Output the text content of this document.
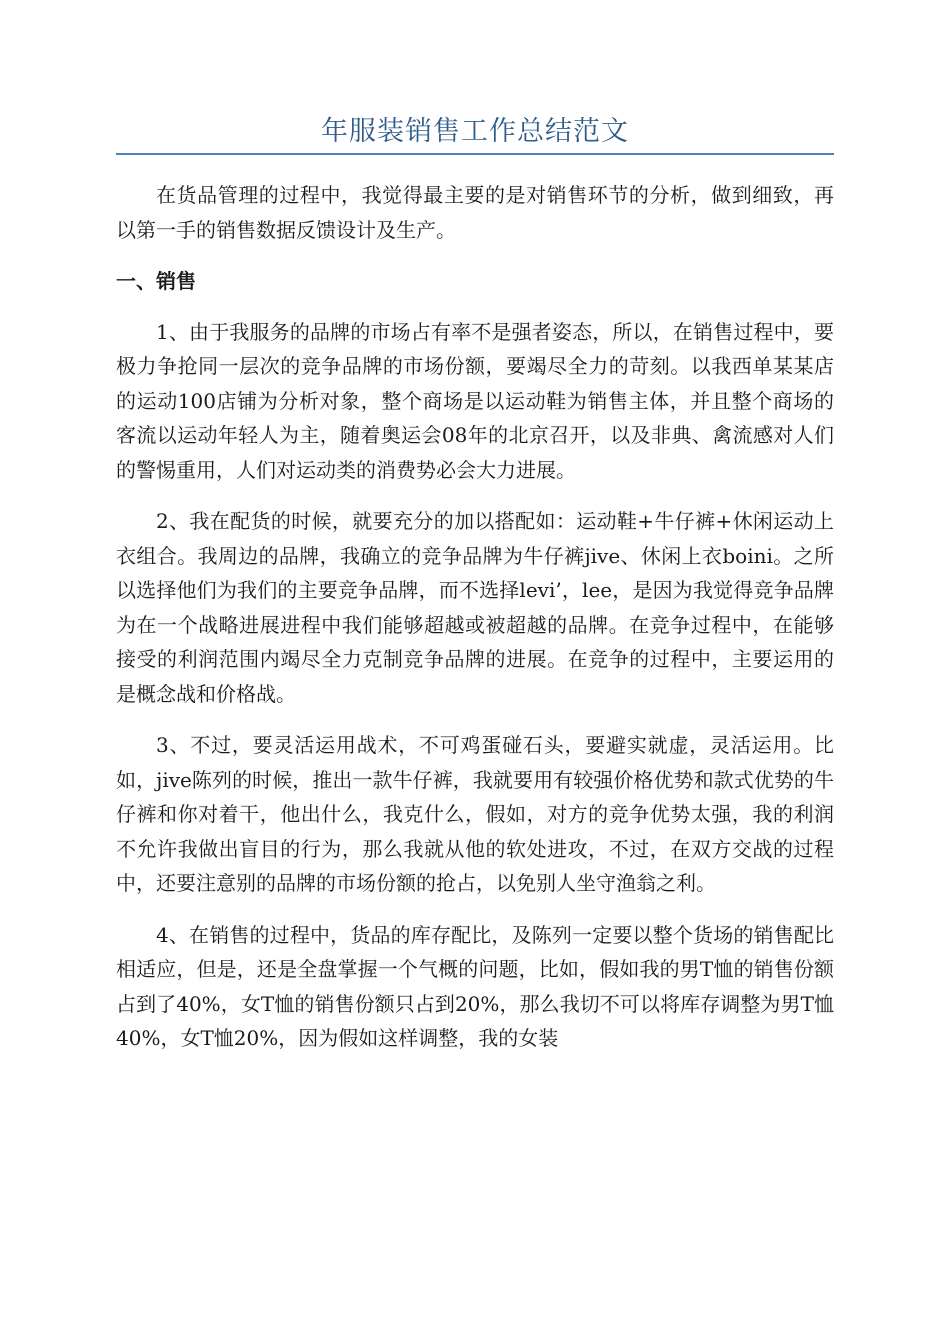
年服装销售工作总结范文

在货品管理的过程中，我觉得最主要的是对销售环节的分析，做到细致，再以第一手的销售数据反馈设计及生产。

一、销售

1、由于我服务的品牌的市场占有率不是强者姿态，所以，在销售过程中，要极力争抢同一层次的竞争品牌的市场份额，要竭尽全力的苛刻。以我西单某某店的运动100店铺为分析对象，整个商场是以运动鞋为销售主体，并且整个商场的客流以运动年轻人为主，随着奥运会08年的北京召开，以及非典、禽流感对人们的警惕重用，人们对运动类的消费势必会大力进展。

2、我在配货的时候，就要充分的加以搭配如：运动鞋+牛仔裤+休闲运动上衣组合。我周边的品牌，我确立的竞争品牌为牛仔裤jive、休闲上衣boini。之所以选择他们为我们的主要竞争品牌，而不选择levi’，lee，是因为我觉得竞争品牌为在一个战略进展进程中我们能够超越或被超越的品牌。在竞争过程中，在能够接受的利润范围内竭尽全力克制竞争品牌的进展。在竞争的过程中，主要运用的是概念战和价格战。

3、不过，要灵活运用战术，不可鸡蛋碰石头，要避实就虚，灵活运用。比如，jive陈列的时候，推出一款牛仔裤，我就要用有较强价格优势和款式优势的牛仔裤和你对着干，他出什么，我克什么，假如，对方的竞争优势太强，我的利润不允许我做出盲目的行为，那么我就从他的软处进攻，不过，在双方交战的过程中，还要注意别的品牌的市场份额的抢占，以免别人坐守渔翁之利。

4、在销售的过程中，货品的库存配比，及陈列一定要以整个货场的销售配比相适应，但是，还是全盘掌握一个气概的问题，比如，假如我的男T恤的销售份额占到了40%，女T恤的销售份额只占到20%，那么我切不可以将库存调整为男T恤40%，女T恤20%，因为假如这样调整，我的女装
